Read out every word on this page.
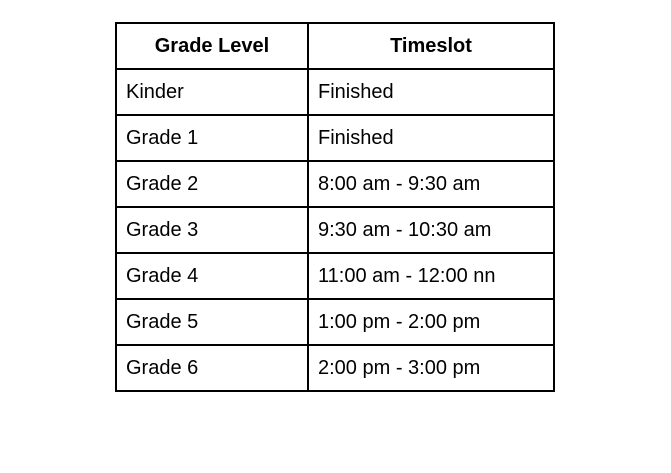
Grade Level	Timeslot
Kinder	Finished
Grade 1	Finished
Grade 2	8:00 am - 9:30 am
Grade 3	9:30 am - 10:30 am
Grade 4	11:00 am - 12:00 nn
Grade 5	1:00 pm - 2:00 pm
Grade 6	2:00 pm - 3:00 pm
